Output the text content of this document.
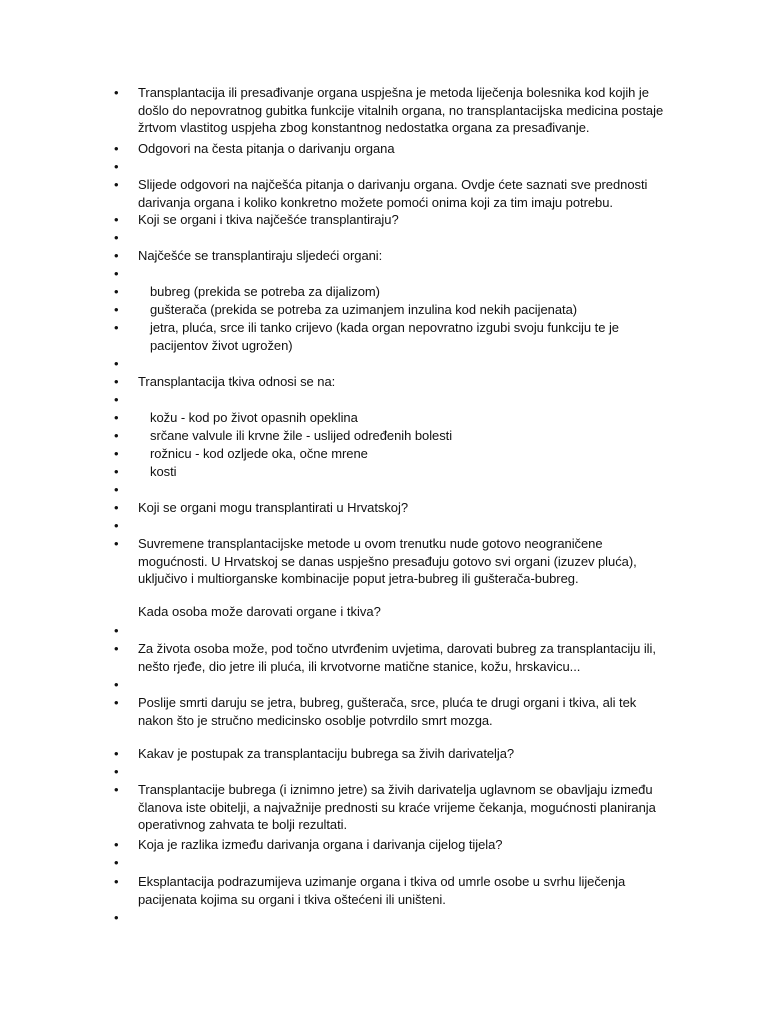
• Transplantacija ili presađivanje organa uspješna je metoda liječenja bolesnika kod kojih je
došlo do nepovratnog gubitka funkcije vitalnih organa, no transplantacijska medicina postaje
žrtvom vlastitog uspjeha zbog konstantnog nedostatka organa za presađivanje.
• Odgovori na česta pitanja o darivanju organa
•
• Slijede odgovori na najčešća pitanja o darivanju organa. Ovdje ćete saznati sve prednosti
darivanja organa i koliko konkretno možete pomoći onima koji za tim imaju potrebu.
• Koji se organi i tkiva najčešće transplantiraju?
•
• Najčešće se transplantiraju sljedeći organi:
•
• bubreg (prekida se potreba za dijalizom)
• gušterača (prekida se potreba za uzimanjem inzulina kod nekih pacijenata)
• jetra, pluća, srce ili tanko crijevo (kada organ nepovratno izgubi svoju funkciju te je
pacijentov život ugrožen)
•
• Transplantacija tkiva odnosi se na:
•
• kožu - kod po život opasnih opeklina
• srčane valvule ili krvne žile - uslijed određenih bolesti
• rožnicu - kod ozljede oka, očne mrene
• kosti
•
• Koji se organi mogu transplantirati u Hrvatskoj?
•
• Suvremene transplantacijske metode u ovom trenutku nude gotovo neograničene
mogućnosti. U Hrvatskoj se danas uspješno presađuju gotovo svi organi (izuzev pluća),
uključivo i multiorganske kombinacije poput jetra-bubreg ili gušterača-bubreg.
•
• Za života osoba može, pod točno utvrđenim uvjetima, darovati bubreg za transplantaciju ili,
nešto rjeđe, dio jetre ili pluća, ili krvotvorne matične stanice, kožu, hrskavicu...
•
• Poslije smrti daruju se jetra, bubreg, gušterača, srce, pluća te drugi organi i tkiva, ali tek
nakon što je stručno medicinsko osoblje potvrdilo smrt mozga.
• Kakav je postupak za transplantaciju bubrega sa živih darivatelja?
•
• Transplantacije bubrega (i iznimno jetre) sa živih darivatelja uglavnom se obavljaju između
članova iste obitelji, a najvažnije prednosti su kraće vrijeme čekanja, mogućnosti planiranja
operativnog zahvata te bolji rezultati.
• Koja je razlika između darivanja organa i darivanja cijelog tijela?
•
• Eksplantacija podrazumijeva uzimanje organa i tkiva od umrle osobe u svrhu liječenja
pacijenata kojima su organi i tkiva oštećeni ili uništeni.
•
Kada osoba može darovati organe i tkiva?
